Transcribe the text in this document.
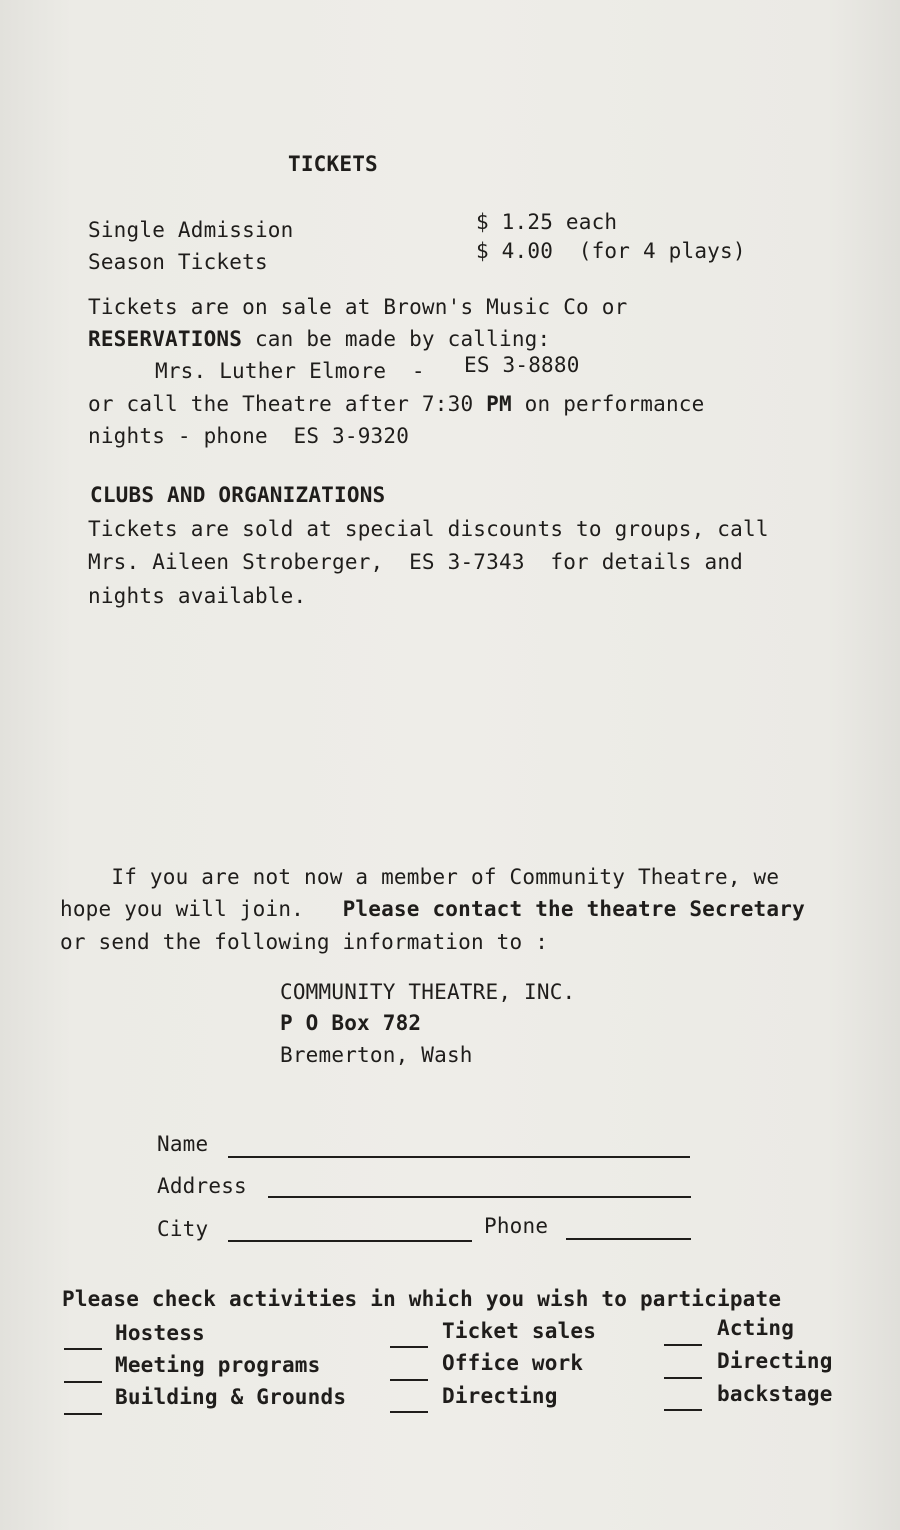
TICKETS
Single Admission	$ 1.25 each
Season Tickets	$ 4.00  (for 4 plays)
Tickets are on sale at Brown's Music Co or
RESERVATIONS can be made by calling:
Mrs. Luther Elmore  - ES 3-8880
or call the Theatre after 7:30 PM on performance
nights - phone  ES 3-9320
CLUBS AND ORGANIZATIONS
Tickets are sold at special discounts to groups, call
Mrs. Aileen Stroberger,  ES 3-7343  for details and
nights available.
If you are not now a member of Community Theatre, we
hope you will join.   Please contact the theatre Secretary
or send the following information to :
COMMUNITY THEATRE, INC.
P O Box 782
Bremerton, Wash
Name
Address
City	Phone
Please check activities in which you wish to participate
Hostess
Meeting programs
Building & Grounds
Ticket sales
Office work
Directing
Acting
Directing
backstage
